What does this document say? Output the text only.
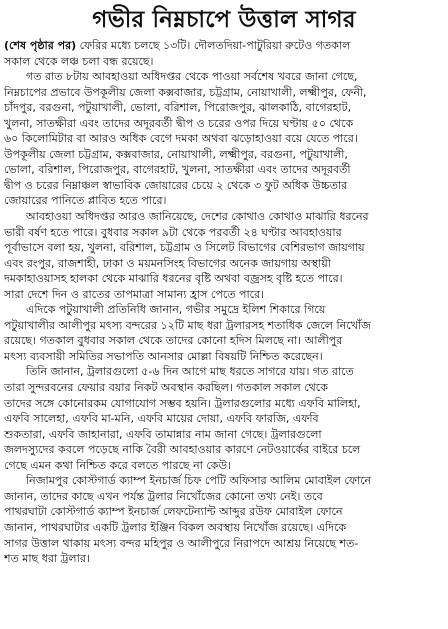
গভীর নিম্নচাপে উত্তাল সাগর
(শেষ পৃষ্ঠার পর) ফেরির মধ্যে চলছে ১৩টি। দৌলতদিয়া-পাটুরিয়া রুটেও গতকাল
সকাল থেকে লঞ্চ চলা বন্ধ রয়েছে।
গত রাত ৮টায় আবহাওয়া অধিদপ্তর থেকে পাওয়া সর্বশেষ খবরে জানা গেছে,
নিম্নচাপের প্রভাবে উপকূলীয় জেলা কক্সবাজার, চট্টগ্রাম, নোয়াখালী, লক্ষ্মীপুর, ফেনী,
চাঁদপুর, বরগুনা, পটুয়াখালী, ভোলা, বরিশাল, পিরোজপুর, ঝালকাঠি, বাগেরহাট,
খুলনা, সাতক্ষীরা এবং তাদের অদূরবর্তী দ্বীপ ও চরের ওপর দিয়ে ঘণ্টায় ৫০ থেকে
৬০ কিলোমিটার বা আরও অধিক বেগে দমকা অথবা ঝড়োহাওয়া বয়ে যেতে পারে।
উপকূলীয় জেলা চট্টগ্রাম, কক্সবাজার, নোয়াখালী, লক্ষ্মীপুর, বরগুনা, পটুয়াখালী,
ভোলা, বরিশাল, পিরোজপুর, বাগেরহাট, খুলনা, সাতক্ষীরা এবং তাদের অদূরবর্তী
দ্বীপ ও চরের নিম্নাঞ্চল স্বাভাবিক জোয়ারের চেয়ে ২ থেকে ৩ ফুট অধিক উচ্চতার
জোয়ারের পানিতে প্লাবিত হতে পারে।
আবহাওয়া অধিদপ্তর আরও জানিয়েছে, দেশের কোথাও কোথাও মাঝারি ধরনের
ভারী বর্ষণ হতে পারে। বুধবার সকাল ৯টা থেকে পরবর্তী ২৪ ঘণ্টার আবহাওয়ার
পূর্বাভাসে বলা হয়, খুলনা, বরিশাল, চট্টগ্রাম ও সিলেট বিভাগের বেশিরভাগ জায়গায়
এবং রংপুর, রাজশাহী, ঢাকা ও ময়মনসিংহ বিভাগের অনেক জায়গায় অস্থায়ী
দমকাহাওয়াসহ হালকা থেকে মাঝারি ধরনের বৃষ্টি অথবা বজ্রসহ বৃষ্টি হতে পারে।
সারা দেশে দিন ও রাতের তাপমাত্রা সামান্য হ্রাস পেতে পারে।
এদিকে পটুয়াখালী প্রতিনিধি জানান, গভীর সমুদ্রে ইলিশ শিকারে গিয়ে
পটুয়াখালীর আলীপুর মৎস্য বন্দরের ১২টি মাছ ধরা ট্রলারসহ শতাধিক জেলে নিখোঁজ
রয়েছে। গতকাল বুধবার সকাল থেকে তাদের কোনো হদিস মিলছে না। আলীপুর
মৎস্য ব্যবসায়ী সমিতির সভাপতি আনসার মোল্লা বিষয়টি নিশ্চিত করেছেন।
তিনি জানান, ট্রলারগুলো ৫-৬ দিন আগে মাছ ধরতে সাগরে যায়। গত রাতে
তারা সুন্দরবনের ফেয়ার বয়ার নিকট অবস্থান করছিল। গতকাল সকাল থেকে
তাদের সঙ্গে কোনোরকম যোগাযোগ সম্ভব হয়নি। ট্রলারগুলোর মধ্যে এফবি মালিহা,
এফবি সালেহা, এফবি মা-মনি, এফবি মায়ের দোয়া, এফবি ফারজি, এফবি
শুকতারা, এফবি জাহানারা, এফবি তামান্নার নাম জানা গেছে। ট্রলারগুলো
জলদস্যুদের কবলে পড়েছে নাকি বৈরী আবহাওয়ার কারণে নেটওয়ার্কের বাইরে চলে
গেছে এমন কথা নিশ্চিত করে বলতে পারছে না কেউ।
নিজামপুর কোস্টগার্ড ক্যাম্প ইনচার্জ চিফ পেটি অফিসার আলিম মোবাইল ফোনে
জানান, তাদের কাছে এখন পর্যন্ত ট্রলার নিখোঁজের কোনো তথ্য নেই। তবে
পাথরঘাটা কোস্টগার্ড ক্যাম্প ইনচার্জ লেফটেন্যান্ট আব্দুর রউফ মোবাইল ফোনে
জানান, পাথরঘাটার একটি ট্রলার ইঞ্জিন বিকল অবস্থায় নিখোঁজ রয়েছে। এদিকে
সাগর উত্তাল থাকায় মৎস্য বন্দর মহিপুর ও আলীপুরে নিরাপদে আশ্রয় নিয়েছে শত-
শত মাছ ধরা ট্রলার।
